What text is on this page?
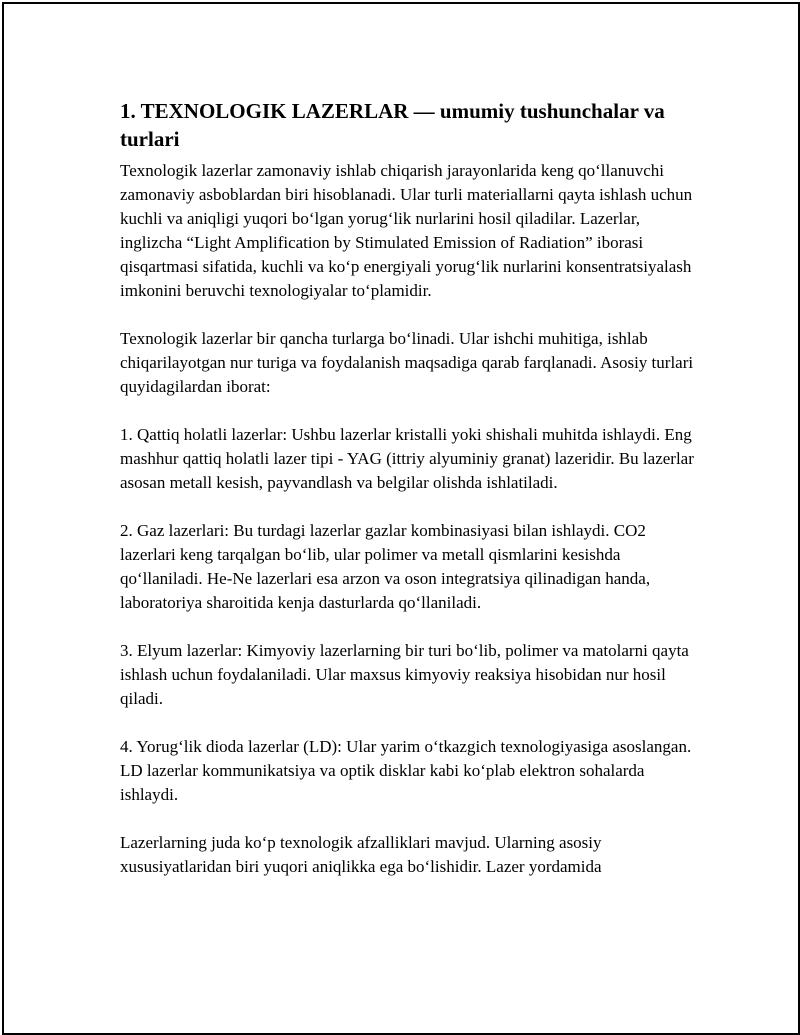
1. TEXNOLOGIK LAZERLAR — umumiy tushunchalar va turlari

Texnologik lazerlar zamonaviy ishlab chiqarish jarayonlarida keng qo‘llanuvchi zamonaviy asboblardan biri hisoblanadi. Ular turli materiallarni qayta ishlash uchun kuchli va aniqligi yuqori bo‘lgan yorug‘lik nurlarini hosil qiladilar. Lazerlar, inglizcha “Light Amplification by Stimulated Emission of Radiation” iborasi qisqartmasi sifatida, kuchli va ko‘p energiyali yorug‘lik nurlarini konsentratsiyalash imkonini beruvchi texnologiyalar to‘plamidir.

Texnologik lazerlar bir qancha turlarga bo‘linadi. Ular ishchi muhitiga, ishlab chiqarilayotgan nur turiga va foydalanish maqsadiga qarab farqlanadi. Asosiy turlari quyidagilardan iborat:

1. Qattiq holatli lazerlar: Ushbu lazerlar kristalli yoki shishali muhitda ishlaydi. Eng mashhur qattiq holatli lazer tipi - YAG (ittriy alyuminiy granat) lazeridir. Bu lazerlar asosan metall kesish, payvandlash va belgilar olishda ishlatiladi.

2. Gaz lazerlari: Bu turdagi lazerlar gazlar kombinasiyasi bilan ishlaydi. CO2 lazerlari keng tarqalgan bo‘lib, ular polimer va metall qismlarini kesishda qo‘llaniladi. He-Ne lazerlari esa arzon va oson integratsiya qilinadigan handa, laboratoriya sharoitida kenja dasturlarda qo‘llaniladi.

3. Elyum lazerlar: Kimyoviy lazerlarning bir turi bo‘lib, polimer va matolarni qayta ishlash uchun foydalaniladi. Ular maxsus kimyoviy reaksiya hisobidan nur hosil qiladi.

4. Yorug‘lik dioda lazerlar (LD): Ular yarim o‘tkazgich texnologiyasiga asoslangan. LD lazerlar kommunikatsiya va optik disklar kabi ko‘plab elektron sohalarda ishlaydi.

Lazerlarning juda ko‘p texnologik afzalliklari mavjud. Ularning asosiy xususiyatlaridan biri yuqori aniqlikka ega bo‘lishidir. Lazer yordamida
